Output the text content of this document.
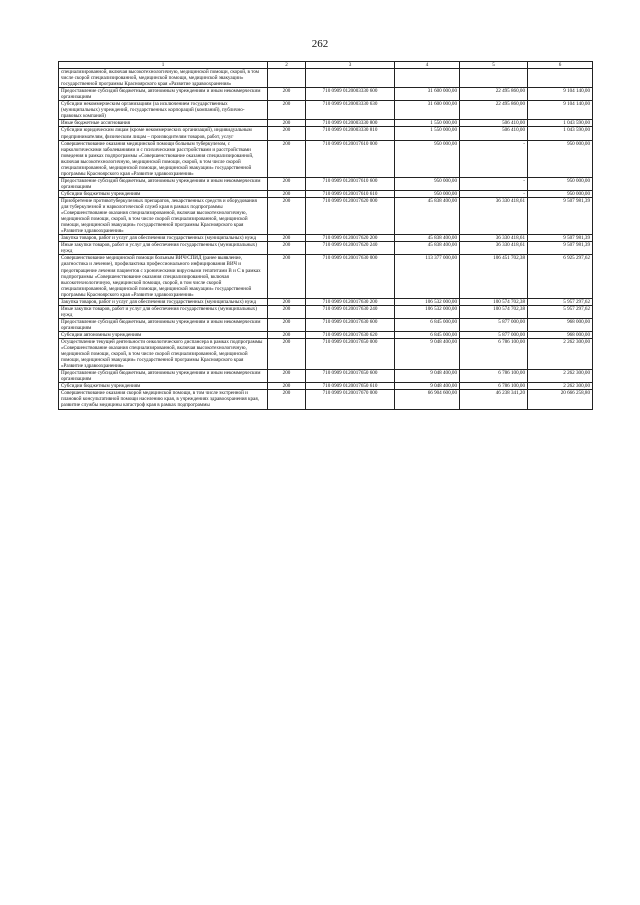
262
1	2	3	4	5	6
специализированной, включая высокотехнологичную, медицинской помощи, скорой, в том числе скорой специализированной, медицинской помощи, медицинской эвакуации» государственной программы Красноярского края «Развитие здравоохранения»					
Предоставление субсидий бюджетным, автономным учреждениям и иным некоммерческим организациям	200	710 0909 0120003330 600	31 600 000,00	22 495 860,00	9 104 140,00
Субсидии некоммерческим организациям (за исключением государственных (муниципальных) учреждений, государственных корпораций (компаний), публично-правовых компаний)	200	710 0909 0120003330 630	31 600 000,00	22 495 860,00	9 104 140,00
Иные бюджетные ассигнования	200	710 0909 0120003330 800	1 550 000,00	506 410,00	1 043 590,00
Субсидии юридическим лицам (кроме некоммерческих организаций), индивидуальным предпринимателям, физическим лицам – производителям товаров, работ, услуг	200	710 0909 0120003330 810	1 550 000,00	506 410,00	1 043 590,00
Совершенствование оказания медицинской помощи больным туберкулезом, с наркологическими заболеваниями и с психическими расстройствами и расстройствами поведения в рамках подпрограммы «Совершенствование оказания специализированной, включая высокотехнологичную, медицинской помощи, скорой, в том числе скорой специализированной, медицинской помощи, медицинской эвакуации» государственной программы Красноярского края «Развитие здравоохранения»	200	710 0909 0120017610 000	950 000,00	-	950 000,00
Предоставление субсидий бюджетным, автономным учреждениям и иным некоммерческим организациям	200	710 0909 0120017610 600	950 000,00	-	950 000,00
Субсидии бюджетным учреждениям	200	710 0909 0120017610 610	950 000,00	-	950 000,00
Приобретение противотуберкулезных препаратов, лекарственных средств и оборудования для туберкулезной и наркологической служб края в рамках подпрограммы «Совершенствование оказания специализированной, включая высокотехнологичную, медицинской помощи, скорой, в том числе скорой специализированной, медицинской помощи, медицинской эвакуации» государственной программы Красноярского края «Развитие здравоохранения»	200	710 0909 0120017620 000	45 838 400,00	36 330 418,61	9 507 981,39
Закупка товаров, работ и услуг для обеспечения государственных (муниципальных) нужд	200	710 0909 0120017620 200	45 838 400,00	36 330 418,61	9 507 981,39
Иные закупки товаров, работ и услуг для обеспечения государственных (муниципальных) нужд	200	710 0909 0120017620 240	45 838 400,00	36 330 418,61	9 507 981,39
Совершенствование медицинской помощи больным ВИЧ/СПИД (ранее выявление, диагностика и лечение), профилактика профессионального инфицирования ВИЧ и предотвращение лечения пациентов с хроническими вирусными гепатитами В и С в рамках подпрограммы «Совершенствование оказания специализированной, включая высокотехнологичную, медицинской помощи, скорой, в том числе скорой специализированной, медицинской помощи, медицинской эвакуации» государственной программы Красноярского края «Развитие здравоохранения»	200	710 0909 0120017630 000	113 377 000,00	106 451 702,38	6 925 297,62
Закупка товаров, работ и услуг для обеспечения государственных (муниципальных) нужд	200	710 0909 0120017630 200	106 532 000,00	100 574 702,38	5 957 297,62
Иные закупки товаров, работ и услуг для обеспечения государственных (муниципальных) нужд	200	710 0909 0120017630 240	106 532 000,00	100 574 702,38	5 957 297,62
Предоставление субсидий бюджетным, автономным учреждениям и иным некоммерческим организациям	200	710 0909 0120017630 600	6 845 000,00	5 877 000,00	968 000,00
Субсидии автономным учреждениям	200	710 0909 0120017630 620	6 845 000,00	5 877 000,00	968 000,00
Осуществление текущей деятельности онкологического диспансера в рамках подпрограммы «Совершенствование оказания специализированной, включая высокотехнологичную, медицинской помощи, скорой, в том числе скорой специализированной, медицинской помощи, медицинской эвакуации» государственной программы Красноярского края «Развитие здравоохранения»	200	710 0909 0120017650 000	9 048 400,00	6 786 100,00	2 262 300,00
Предоставление субсидий бюджетным, автономным учреждениям и иным некоммерческим организациям	200	710 0909 0120017650 600	9 048 400,00	6 786 100,00	2 262 300,00
Субсидии бюджетным учреждениям	200	710 0909 0120017650 610	9 048 400,00	6 786 100,00	2 262 300,00
Совершенствование оказания скорой медицинской помощи, в том числе экстренной и плановой консультативной помощи населению края, в учреждениях здравоохранения края, развитие службы медицины катастроф края в рамках подпрограммы	200	710 0909 0120017670 000	66 904 600,00	46 238 341,20	20 666 258,80
